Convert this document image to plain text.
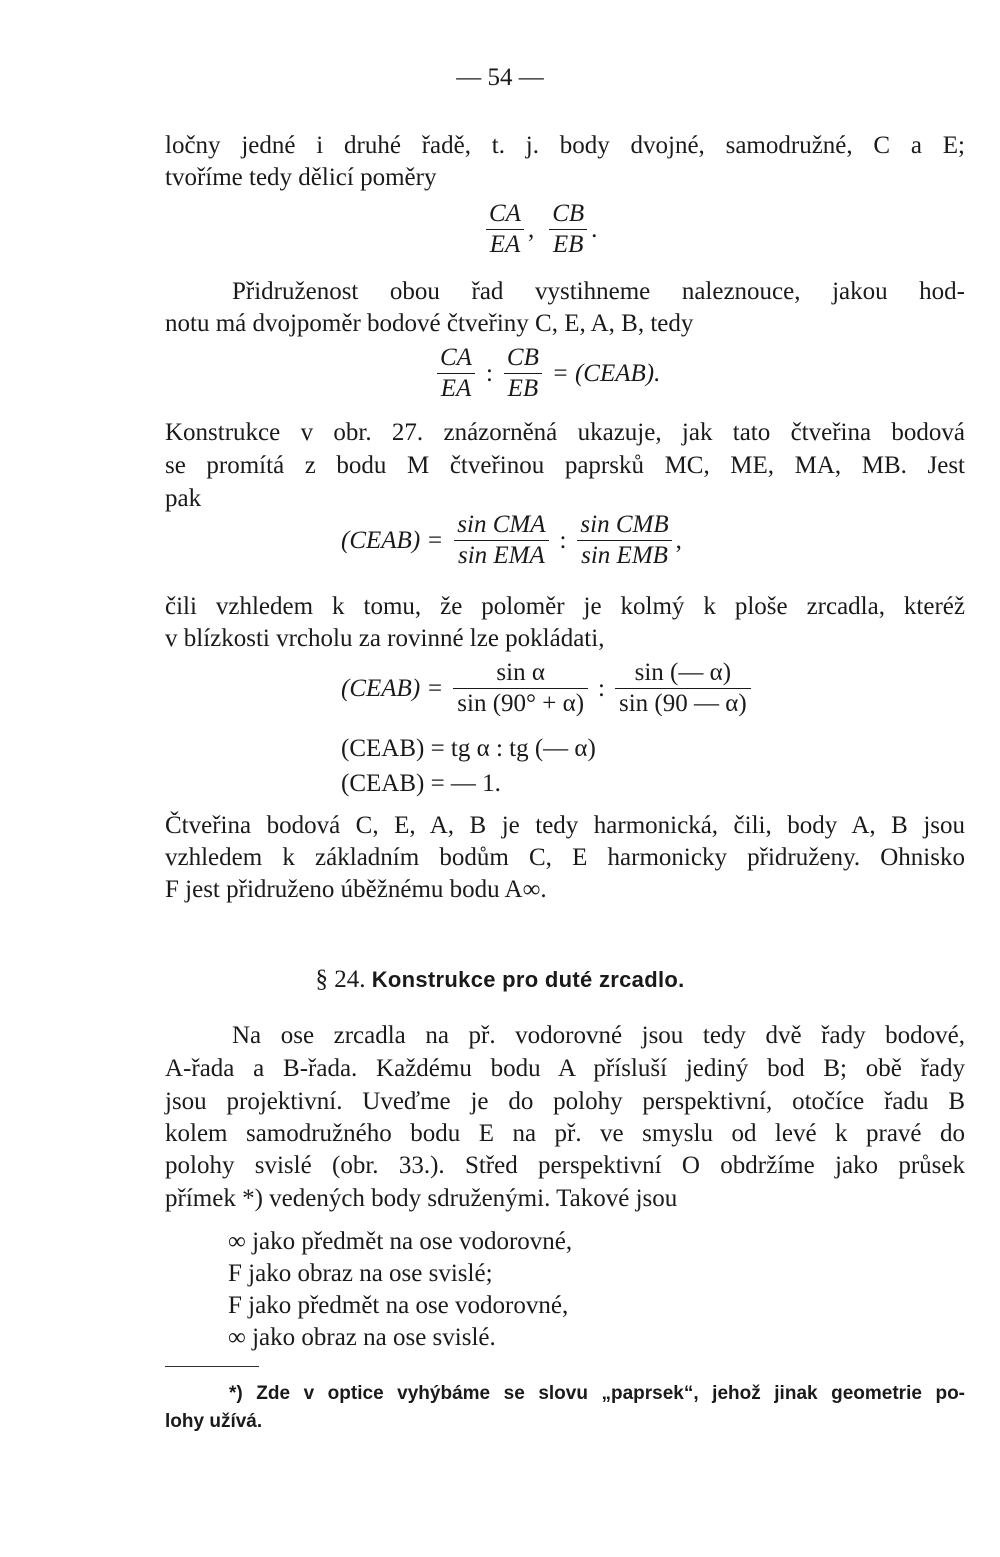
— 54 —
ločny jedné i druhé řadě, t. j. body dvojné, samodružné, C a E;
tvoříme tedy dělicí poměry
$\frac{CA}{EA}$ , $\frac{CB}{EB}$ .
Přidruženost obou řad vystihneme naleznouce, jakou hod-
notu má dvojpoměr bodové čtveřiny C, E, A, B, tedy
$\frac{CA}{EA}$ : $\frac{CB}{EB}$ = (CEAB).
Konstrukce v obr. 27. znázorněná ukazuje, jak tato čtveřina bodová
se promítá z bodu M čtveřinou paprsků MC, ME, MA, MB. Jest
pak
(CEAB) = $\frac{\text{sin CMA}}{\text{sin EMA}}$ : $\frac{\text{sin CMB}}{\text{sin EMB}}$ ,
čili vzhledem k tomu, že poloměr je kolmý k ploše zrcadla, kteréž
v blízkosti vrcholu za rovinné lze pokládati,
(CEAB) = $\frac{\text{sin α}}{\sin (90^\circ + \alpha)}$ : $\frac{\sin (— \alpha)}{\sin (90 — \alpha)}$
(CEAB) = tg α : tg (— α)
(CEAB) = — 1.
Čtveřina bodová C, E, A, B je tedy harmonická, čili, body A, B jsou
vzhledem k základním bodům C, E harmonicky přidruženy. Ohnisko
F jest přidruženo úběžnému bodu A∞.
§ 24. Konstrukce pro duté zrcadlo.
Na ose zrcadla na př. vodorovné jsou tedy dvě řady bodové,
A-řada a B-řada. Každému bodu A přísluší jediný bod B; obě řady
jsou projektivní. Uveďme je do polohy perspektivní, otočíce řadu B
kolem samodružného bodu E na př. ve smyslu od levé k pravé do
polohy svislé (obr. 33.). Střed perspektivní O obdržíme jako průsek
přímek *) vedených body sdruženými. Takové jsou
∞ jako předmět na ose vodorovné,
F jako obraz na ose svislé;
F jako předmět na ose vodorovné,
∞ jako obraz na ose svislé.
*) Zde v optice vyhýbáme se slovu „paprsek“, jehož jinak geometrie po-
lohy užívá.
